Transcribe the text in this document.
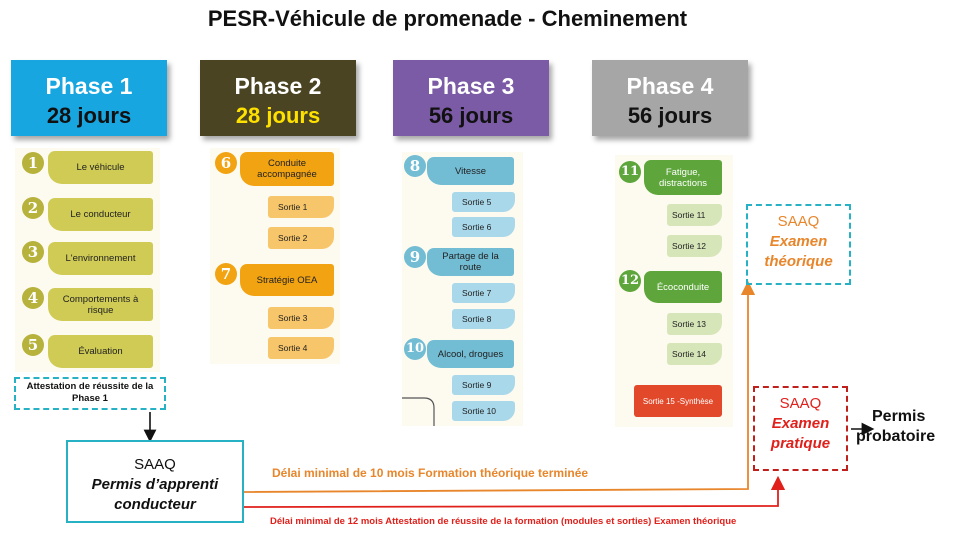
PESR-Véhicule de promenade - Cheminement
Phase 1
28 jours
Phase 2
28 jours
Phase 3
56 jours
Phase 4
56 jours
1	Le véhicule
2	Le conducteur
3	L'environnement
4	Comportements à risque
5	Évaluation
Attestation de réussite de la Phase 1
6	Conduite accompagnée
Sortie 1
Sortie 2
7	Stratégie OEA
Sortie 3
Sortie 4
8	Vitesse
Sortie 5
Sortie 6
9	Partage de la route
Sortie 7
Sortie 8
10	Alcool, drogues
Sortie 9
Sortie 10
11	Fatigue, distractions
Sortie 11
Sortie 12
12	Écoconduite
Sortie 13
Sortie 14
Sortie 15 -Synthèse
SAAQ
Permis d’apprenti
conducteur
SAAQ
Examen
théorique
SAAQ
Examen
pratique
Permis
probatoire
Délai minimal de 10 mois Formation théorique terminée
Délai minimal de 12 mois Attestation de réussite de la formation (modules et sorties) Examen théorique
